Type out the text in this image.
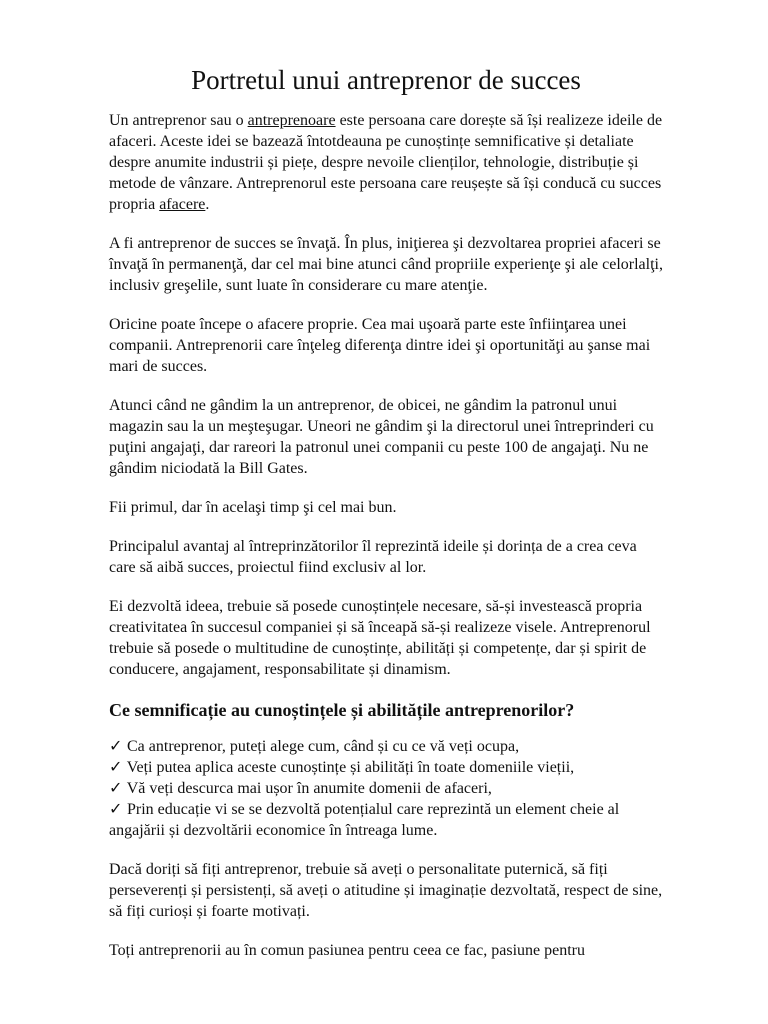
Portretul unui antreprenor de succes

Un antreprenor sau o antreprenoare este persoana care dorește să își realizeze ideile de afaceri. Aceste idei se bazează întotdeauna pe cunoștințe semnificative și detaliate despre anumite industrii și piețe, despre nevoile clienților, tehnologie, distribuție și metode de vânzare. Antreprenorul este persoana care reușește să își conducă cu succes propria afacere.

A fi antreprenor de succes se învaţă. În plus, iniţierea şi dezvoltarea propriei afaceri se învaţă în permanenţă, dar cel mai bine atunci când propriile experienţe şi ale celorlalţi, inclusiv greşelile, sunt luate în considerare cu mare atenţie.

Oricine poate începe o afacere proprie. Cea mai uşoară parte este înfiinţarea unei companii. Antreprenorii care înţeleg diferenţa dintre idei şi oportunităţi au şanse mai mari de succes.

Atunci când ne gândim la un antreprenor, de obicei, ne gândim la patronul unui magazin sau la un meşteşugar. Uneori ne gândim şi la directorul unei întreprinderi cu puţini angajaţi, dar rareori la patronul unei companii cu peste 100 de angajaţi. Nu ne gândim niciodată la Bill Gates.

Fii primul, dar în acelaşi timp şi cel mai bun.

Principalul avantaj al întreprinzătorilor îl reprezintă ideile și dorința de a crea ceva care să aibă succes, proiectul fiind exclusiv al lor.

Ei dezvoltă ideea, trebuie să posede cunoștințele necesare, să-și investească propria creativitatea în succesul companiei și să înceapă să-și realizeze visele. Antreprenorul trebuie să posede o multitudine de cunoștințe, abilități și competențe, dar și spirit de conducere, angajament, responsabilitate și dinamism.

Ce semnificație au cunoștințele și abilitățile antreprenorilor?
✓ Ca antreprenor, puteți alege cum, când și cu ce vă veți ocupa,
✓ Veți putea aplica aceste cunoștințe și abilități în toate domeniile vieții,
✓ Vă veți descurca mai ușor în anumite domenii de afaceri,
✓ Prin educație vi se se dezvoltă potențialul care reprezintă un element cheie al angajării și dezvoltării economice în întreaga lume.

Dacă doriți să fiți antreprenor, trebuie să aveți o personalitate puternică, să fiți perseverenți și persistenți, să aveți o atitudine și imaginație dezvoltată, respect de sine, să fiți curioși și foarte motivați.

Toți antreprenorii au în comun pasiunea pentru ceea ce fac, pasiune pentru
